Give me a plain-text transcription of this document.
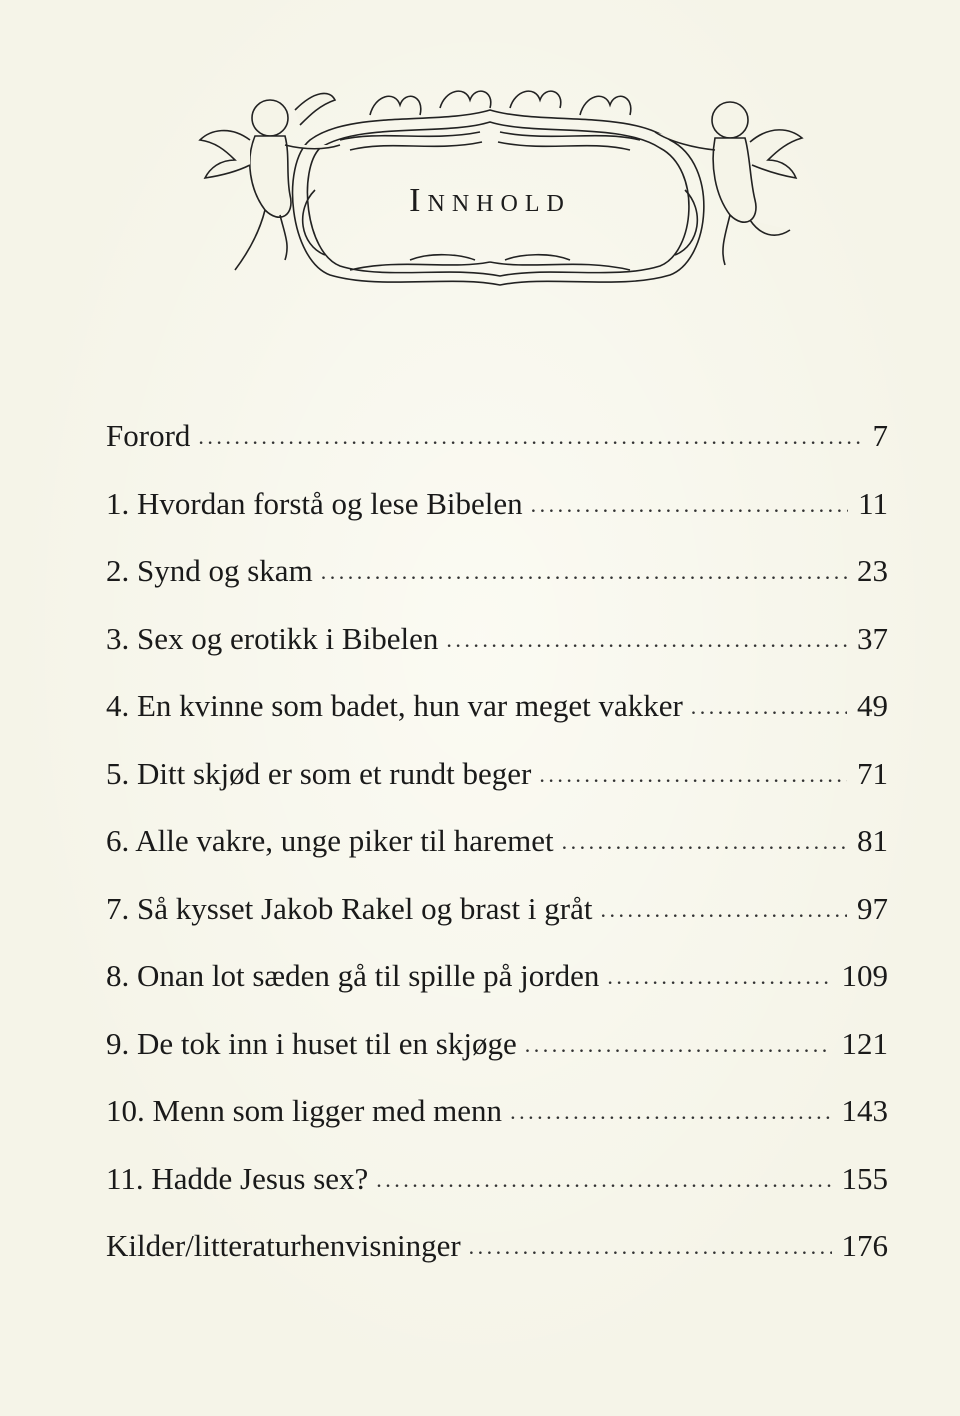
Innhold
Forord . . .	7
1. Hvordan forstå og lese Bibelen . . .	11
2. Synd og skam . . .	23
3. Sex og erotikk i Bibelen . . .	37
4. En kvinne som badet, hun var meget vakker . . .	49
5. Ditt skjød er som et rundt beger . . .	71
6. Alle vakre, unge piker til haremet . . .	81
7. Så kysset Jakob Rakel og brast i gråt . . .	97
8. Onan lot sæden gå til spille på jorden . . .	109
9. De tok inn i huset til en skjøge . . .	121
10. Menn som ligger med menn . . .	143
11. Hadde Jesus sex? . . .	155
Kilder/litteraturhenvisninger . . .	176
